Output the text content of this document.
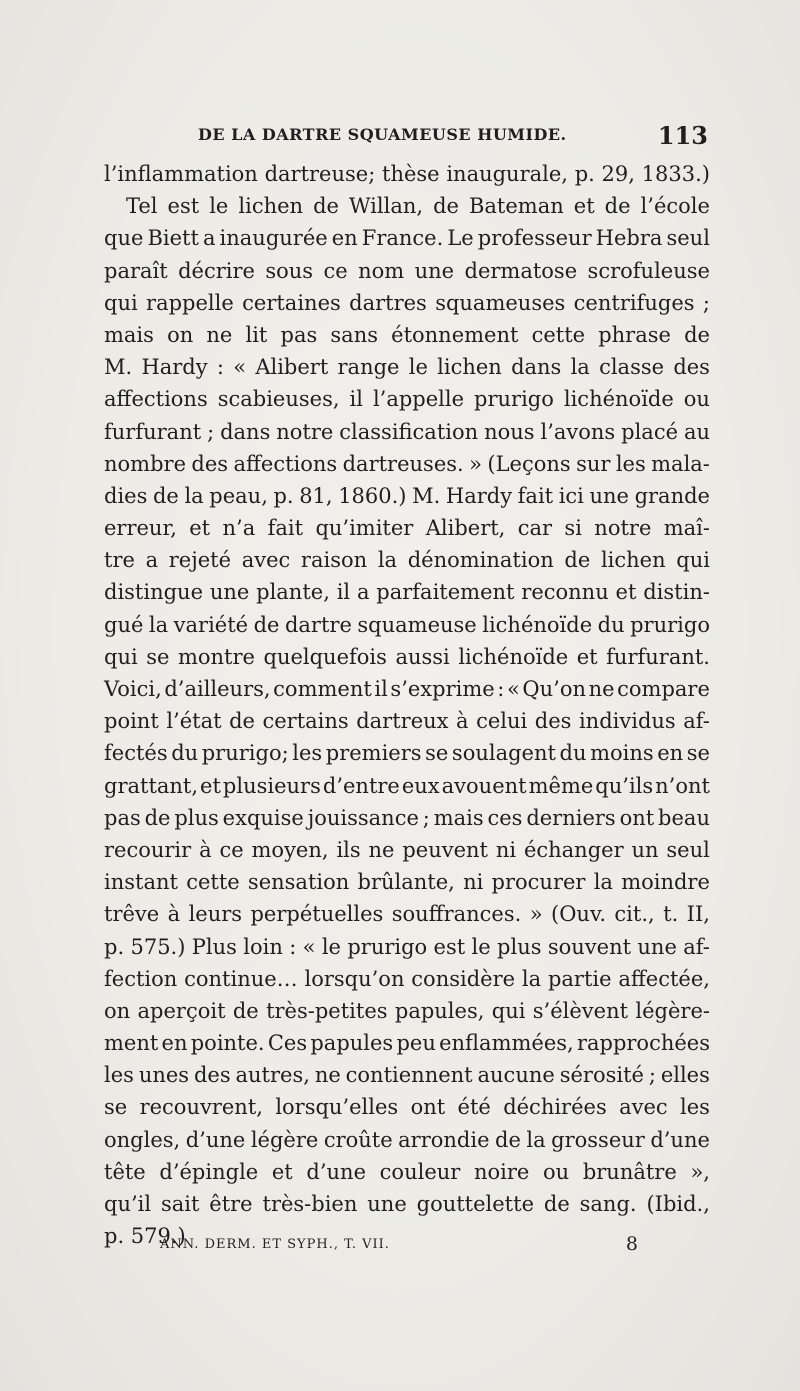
DE LA DARTRE SQUAMEUSE HUMIDE.	113
l’inflammation dartreuse; thèse inaugurale, p. 29, 1833.)
Tel est le lichen de Willan, de Bateman et de l’école
que Biett a inaugurée en France. Le professeur Hebra seul
paraît décrire sous ce nom une dermatose scrofuleuse
qui rappelle certaines dartres squameuses centrifuges ;
mais on ne lit pas sans étonnement cette phrase de
M. Hardy : « Alibert range le lichen dans la classe des
affections scabieuses, il l’appelle prurigo lichénoïde ou
furfurant ; dans notre classification nous l’avons placé au
nombre des affections dartreuses. » (Leçons sur les mala-
dies de la peau, p. 81, 1860.) M. Hardy fait ici une grande
erreur, et n’a fait qu’imiter Alibert, car si notre maî-
tre a rejeté avec raison la dénomination de lichen qui
distingue une plante, il a parfaitement reconnu et distin-
gué la variété de dartre squameuse lichénoïde du prurigo
qui se montre quelquefois aussi lichénoïde et furfurant.
Voici, d’ailleurs, comment il s’exprime : « Qu’on ne compare
point l’état de certains dartreux à celui des individus af-
fectés du prurigo; les premiers se soulagent du moins en se
grattant, et plusieurs d’entre eux avouent même qu’ils n’ont
pas de plus exquise jouissance ; mais ces derniers ont beau
recourir à ce moyen, ils ne peuvent ni échanger un seul
instant cette sensation brûlante, ni procurer la moindre
trêve à leurs perpétuelles souffrances. » (Ouv. cit., t. II,
p. 575.) Plus loin : « le prurigo est le plus souvent une af-
fection continue… lorsqu’on considère la partie affectée,
on aperçoit de très-petites papules, qui s’élèvent légère-
ment en pointe. Ces papules peu enflammées, rapprochées
les unes des autres, ne contiennent aucune sérosité ; elles
se recouvrent, lorsqu’elles ont été déchirées avec les
ongles, d’une légère croûte arrondie de la grosseur d’une
tête d’épingle et d’une couleur noire ou brunâtre »,
qu’il sait être très-bien une gouttelette de sang. (Ibid.,
p. 579.)
ANN. DERM. ET SYPH., T. VII.	8
